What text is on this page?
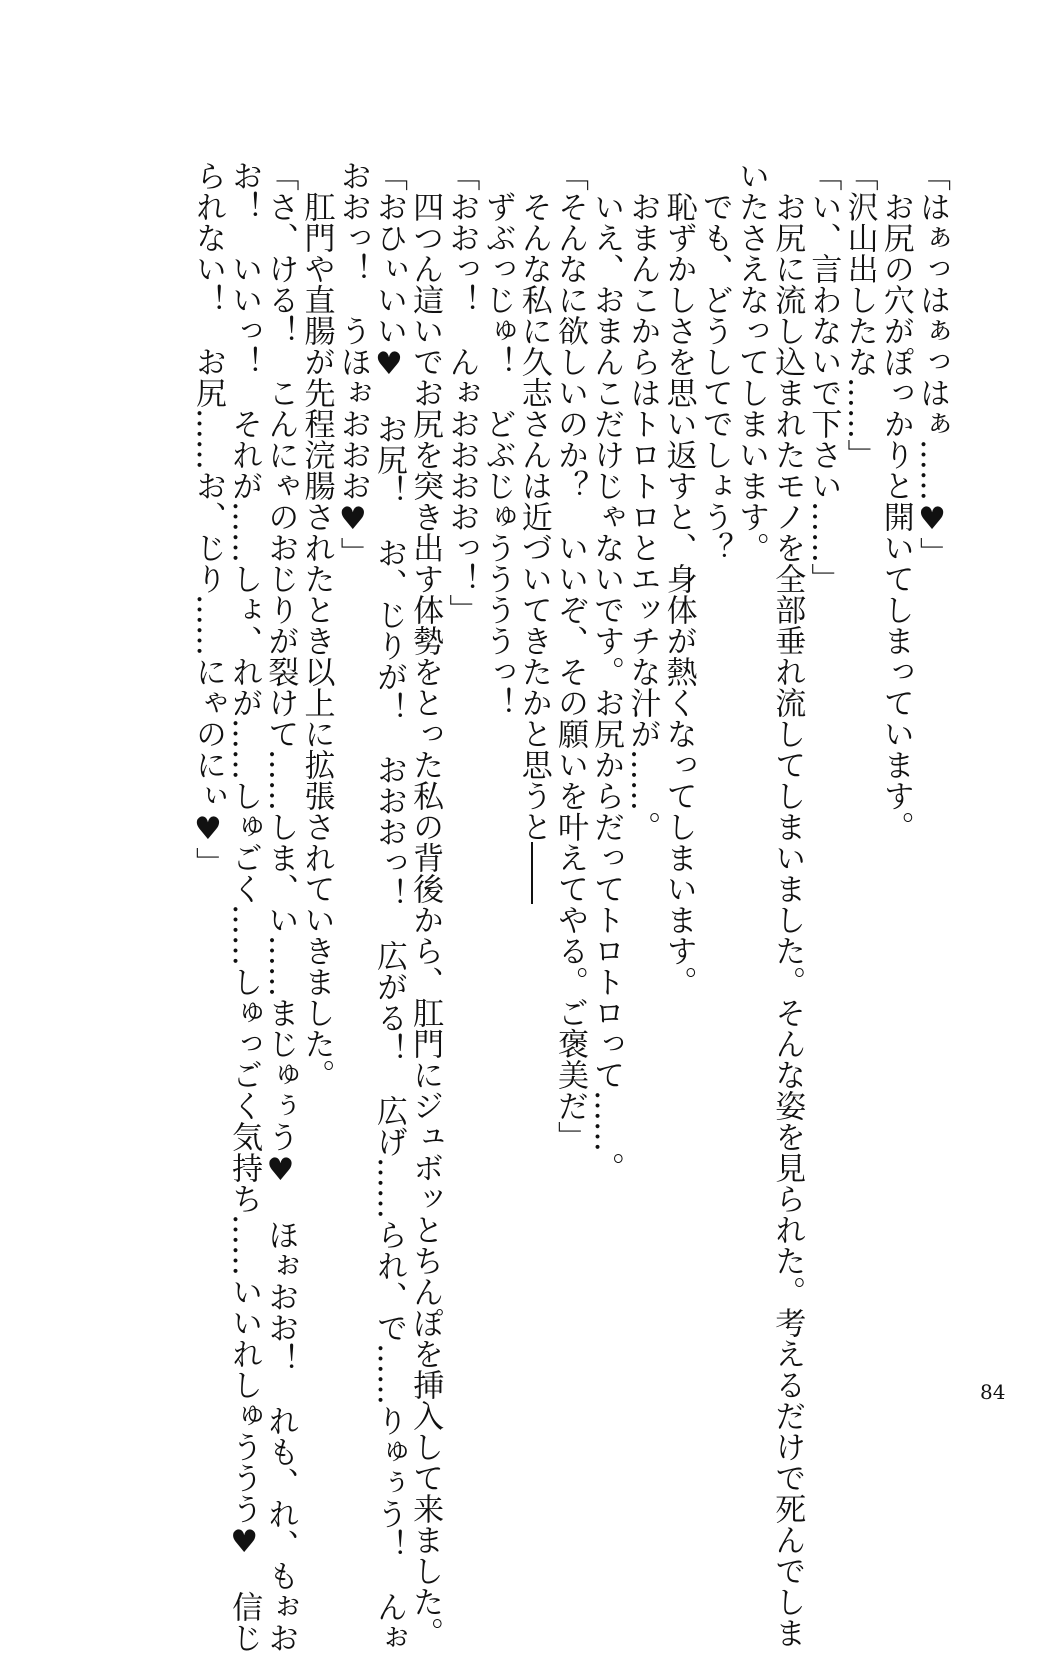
「はぁっはぁっはぁ……♥」
　お尻の穴がぽっかりと開いてしまっています。
「沢山出したな……」
「い、言わないで下さい……」
　お尻に流し込まれたモノを全部垂れ流してしまいました。そんな姿を見られた。考えるだけで死んでしま
いたさえなってしまいます。
　でも、どうしてでしょう？
　恥ずかしさを思い返すと、身体が熱くなってしまいます。
　おまんこからはトロトロとエッチな汁が……。
　いえ、おまんこだけじゃないです。お尻からだってトロトロって……。
「そんなに欲しいのか？　いいぞ、その願いを叶えてやる。ご褒美だ」
　そんな私に久志さんは近づいてきたかと思うと――
　ずぶっじゅ！　どぶじゅううううっ！
「おおっ！　んぉおおおおっ！」
　四つん這いでお尻を突き出す体勢をとった私の背後から、肛門にジュボッとちんぽを挿入して来ました。
「おひぃいい♥　お尻！　お、じりが！　おおおっ！　広がる！　広げ……られ、で……りゅぅう！　んぉ
おおっ！　うほぉおおお♥」
　肛門や直腸が先程浣腸されたとき以上に拡張されていきました。
「さ、ける！　こんにゃのおじりが裂けて……しま、い……まじゅぅう♥　ほぉおお！　れも、れ、もぉお
お！　いいっ！　それが……しょ、れが……しゅごく……しゅっごく気持ち……いいれしゅううう♥　信じ
られない！　お尻……お、じり……にゃのにぃ♥」
84
